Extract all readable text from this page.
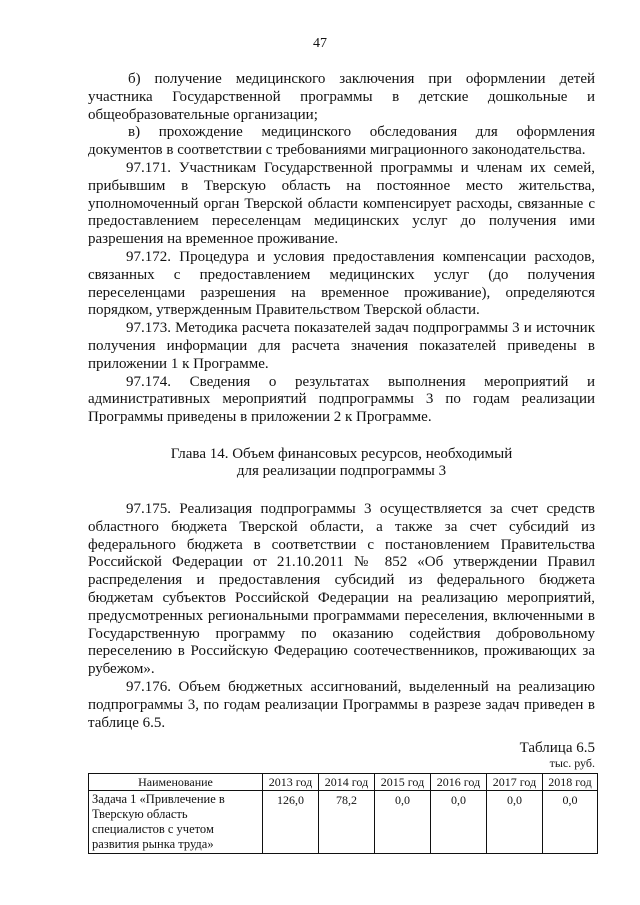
47

б) получение медицинского заключения при оформлении детей участника Государственной программы в детские дошкольные и общеобразовательные организации;

в) прохождение медицинского обследования для оформления документов в соответствии с требованиями миграционного законодательства.

97.171. Участникам Государственной программы и членам их семей, прибывшим в Тверскую область на постоянное место жительства, уполномоченный орган Тверской области компенсирует расходы, связанные с предоставлением переселенцам медицинских услуг до получения ими разрешения на временное проживание.

97.172. Процедура и условия предоставления компенсации расходов, связанных с предоставлением медицинских услуг (до получения переселенцами разрешения на временное проживание), определяются порядком, утвержденным Правительством Тверской области.

97.173. Методика расчета показателей задач подпрограммы 3 и источник получения информации для расчета значения показателей приведены в приложении 1 к Программе.

97.174. Сведения о результатах выполнения мероприятий и административных мероприятий подпрограммы 3 по годам реализации Программы приведены в приложении 2 к Программе.

Глава 14. Объем финансовых ресурсов, необходимый
для реализации подпрограммы 3

97.175. Реализация подпрограммы 3 осуществляется за счет средств областного бюджета Тверской области, а также за счет субсидий из федерального бюджета в соответствии с постановлением Правительства Российской Федерации от 21.10.2011 № 852 «Об утверждении Правил распределения и предоставления субсидий из федерального бюджета бюджетам субъектов Российской Федерации на реализацию мероприятий, предусмотренных региональными программами переселения, включенными в Государственную программу по оказанию содействия добровольному переселению в Российскую Федерацию соотечественников, проживающих за рубежом».

97.176. Объем бюджетных ассигнований, выделенный на реализацию подпрограммы 3, по годам реализации Программы в разрезе задач приведен в таблице 6.5.

Таблица 6.5
тыс. руб.
Наименование	2013 год	2014 год	2015 год	2016 год	2017 год	2018 год
Задача 1 «Привлечение в Тверскую область специалистов с учетом развития рынка труда»	126,0	78,2	0,0	0,0	0,0	0,0
